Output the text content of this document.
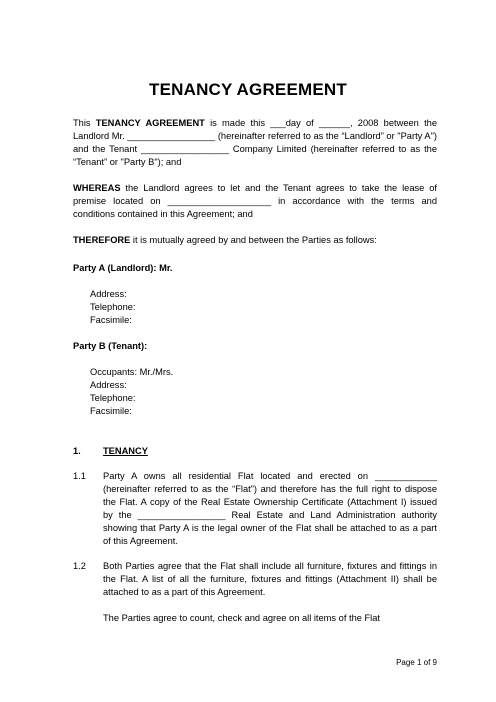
TENANCY AGREEMENT

This TENANCY AGREEMENT is made this ___day of ______, 2008 between the Landlord Mr. _________________ (hereinafter referred to as the “Landlord” or "Party A") and the Tenant _________________ Company Limited (hereinafter referred to as the “Tenant” or "Party B"); and

WHEREAS the Landlord agrees to let and the Tenant agrees to take the lease of premise located on ____________________ in accordance with the terms and conditions contained in this Agreement; and

THEREFORE it is mutually agreed by and between the Parties as follows:

Party A (Landlord): Mr.

Address:
Telephone:
Facsimile:

Party B (Tenant):

Occupants: Mr./Mrs.
Address:
Telephone:
Facsimile:
1. TENANCY
1.1 Party A owns all residential Flat located and erected on ____________ (hereinafter referred to as the “Flat”) and therefore has the full right to dispose the Flat. A copy of the Real Estate Ownership Certificate (Attachment I) issued by the _________________ Real Estate and Land Administration authority showing that Party A is the legal owner of the Flat shall be attached to as a part of this Agreement.
1.2 Both Parties agree that the Flat shall include all furniture, fixtures and fittings in the Flat. A list of all the furniture, fixtures and fittings (Attachment II) shall be attached to as a part of this Agreement.
The Parties agree to count, check and agree on all items of the Flat
Page 1 of 9
